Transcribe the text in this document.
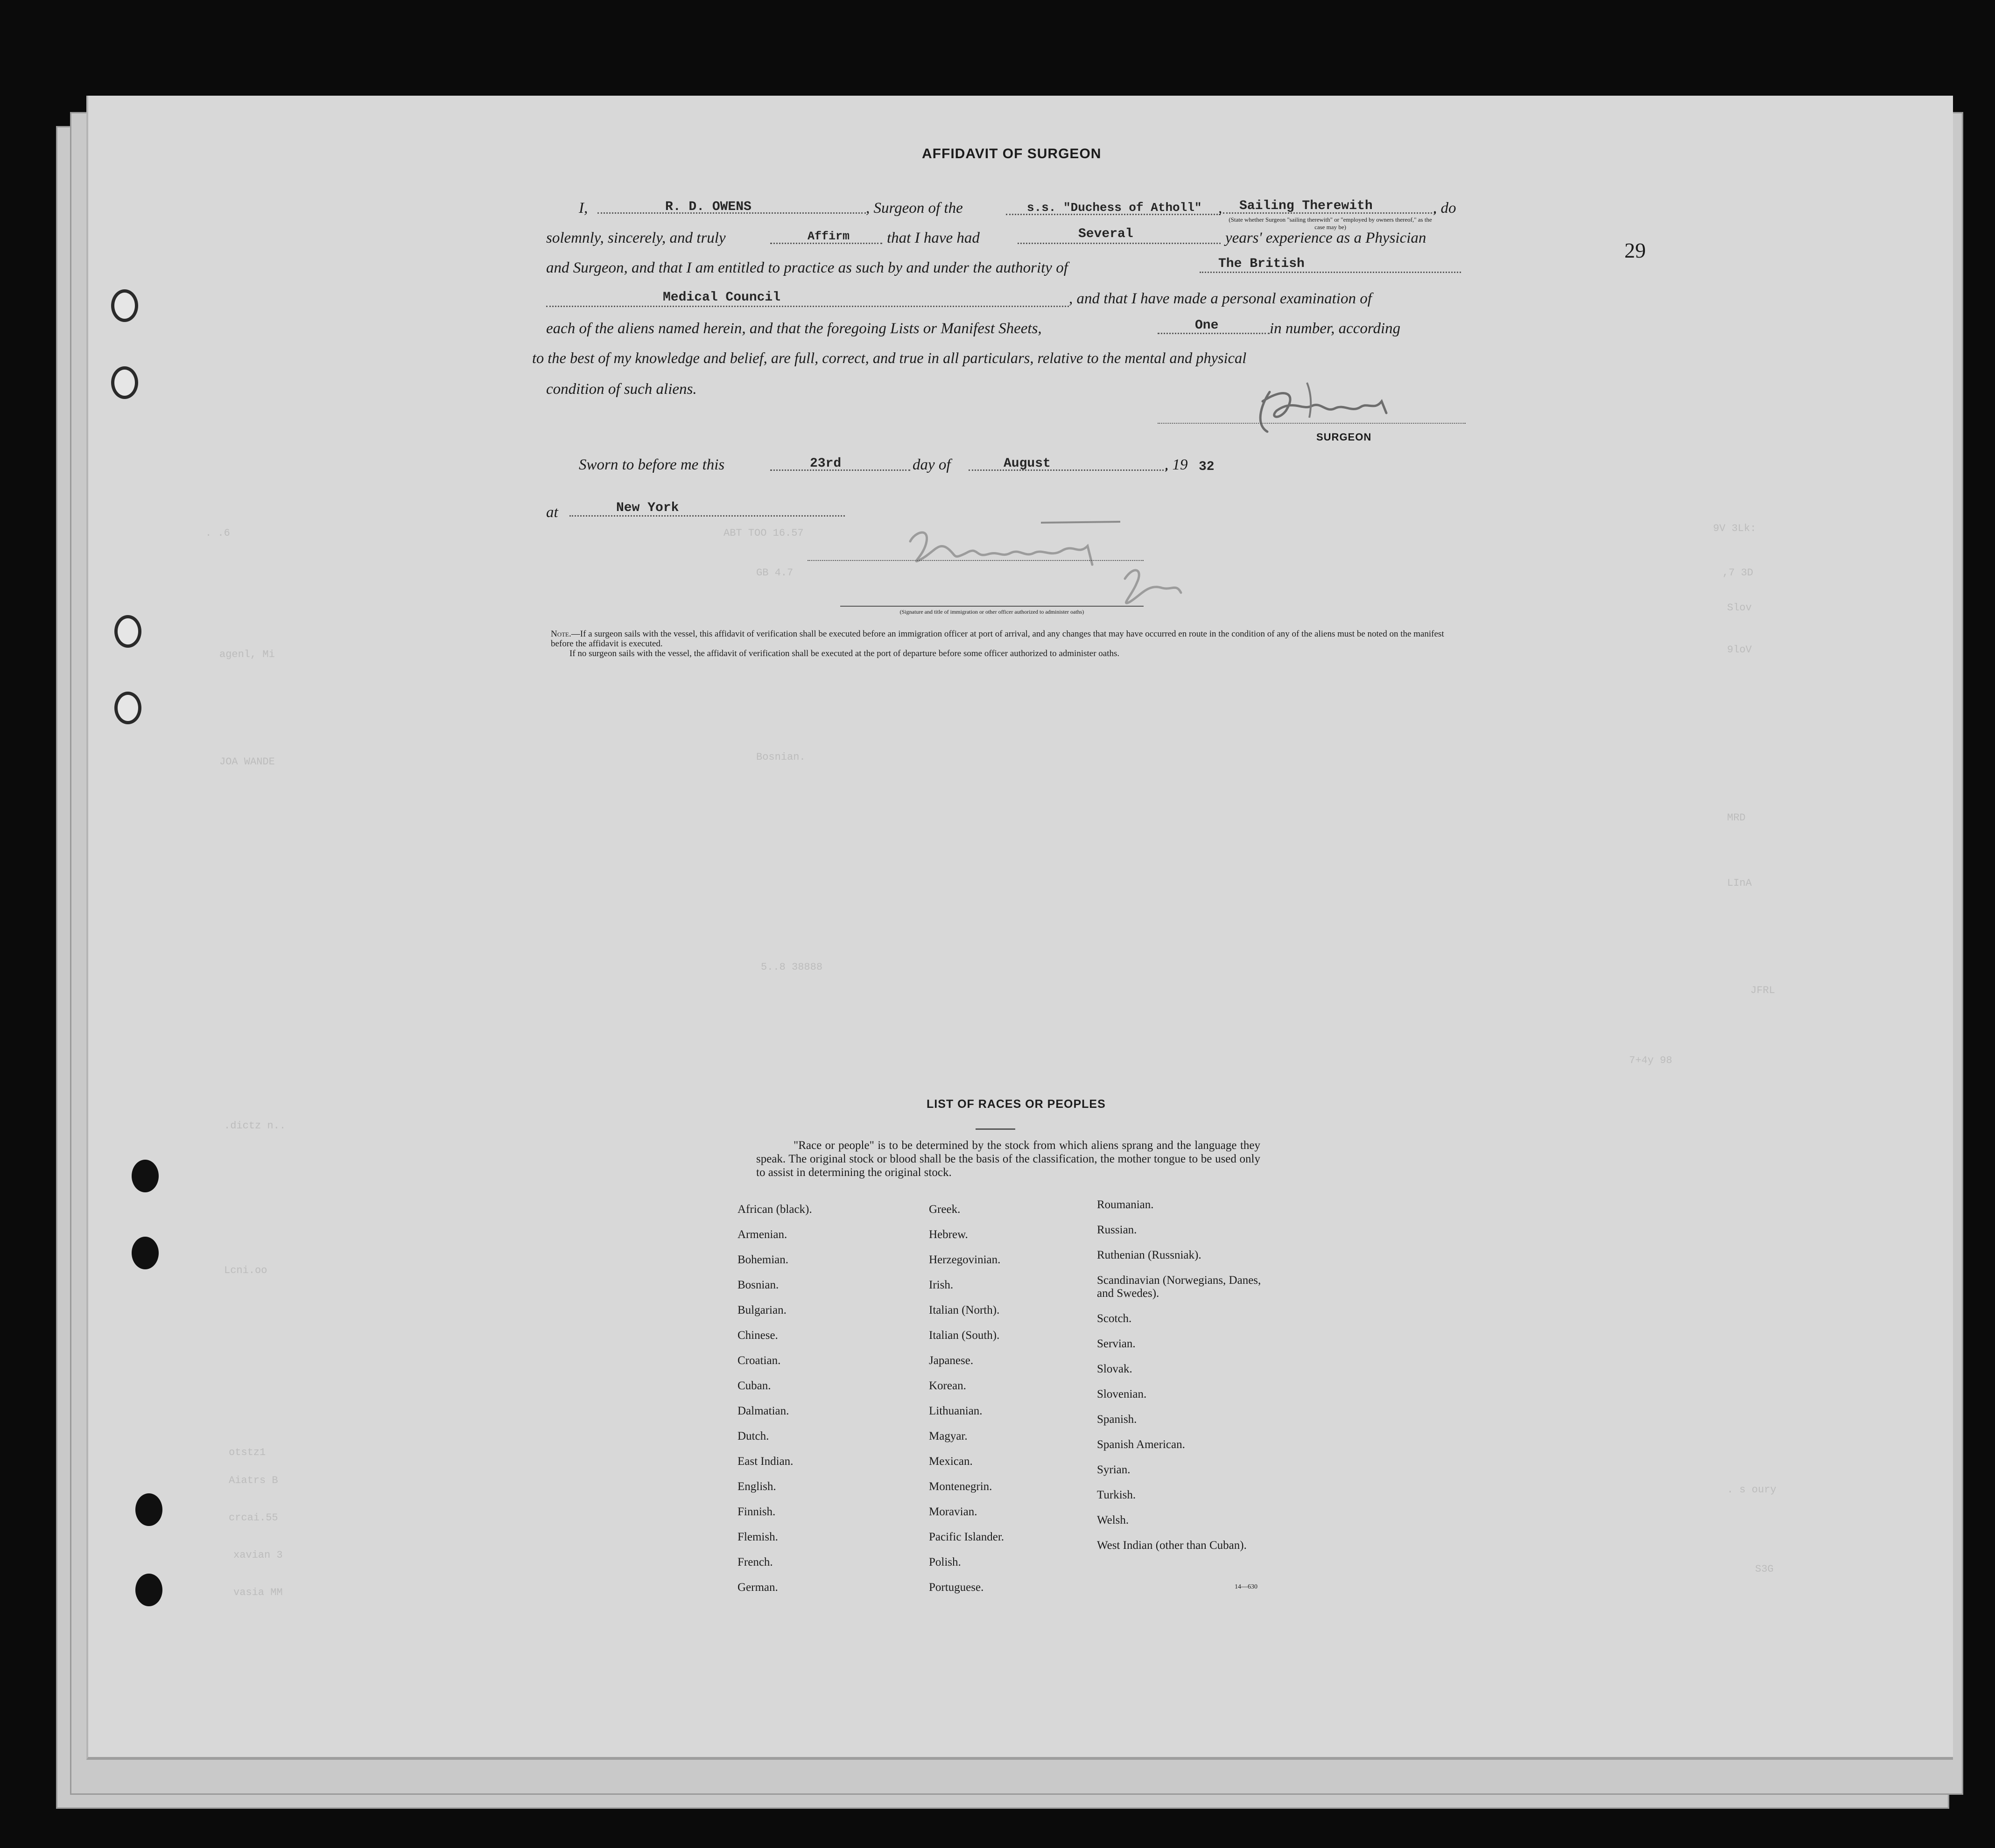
ABT TOO 16.57
GB 4.7
. .6	9V 3Lk:
,7 3D
Slov
9loV
agenl, Mi
JOA WANDE	Bosnian.
MRD
LInA
5..8 38888
JFRL
7+4y 98
.dictz n..
Lcni.oo
otstz1
Aiatrs B
crcai.55
xavian 3
vasia MM
. s oury
S3G
29
AFFIDAVIT OF SURGEON
I,	R. D. OWENS	, Surgeon of the	s.s. "Duchess of Atholl" , Sailing Therewith
(State whether Surgeon "sailing therewith" or "employed by owners thereof," as the case may be)
, do
solemnly, sincerely, and truly	Affirm that I have had	Several	years' experience as a Physician
and Surgeon, and that I am entitled to practice as such by and under the authority of	The British
Medical Council	, and that I have made a personal examination of
each of the aliens named herein, and that the foregoing Lists or Manifest Sheets,	One	in number, according
to the best of my knowledge and belief, are full, correct, and true in all particulars, relative to the mental and physical
condition of such aliens.
SURGEON
Sworn to before me this	23rd	day of	August	, 19 32
at	New York
(Signature and title of immigration or other officer authorized to administer oaths)
Note.—If a surgeon sails with the vessel, this affidavit of verification shall be executed before an immigration officer at port of arrival, and any changes that may have occurred en route in the condition of any of the aliens must be noted on the manifest before the affidavit is executed.
If no surgeon sails with the vessel, the affidavit of verification shall be executed at the port of departure before some officer authorized to administer oaths.
LIST OF RACES OR PEOPLES
"Race or people" is to be determined by the stock from which aliens sprang and the language they speak. The original stock or blood shall be the basis of the classification, the mother tongue to be used only to assist in determining the original stock.
African (black).
Armenian.
Bohemian.
Bosnian.
Bulgarian.
Chinese.
Croatian.
Cuban.
Dalmatian.
Dutch.
East Indian.
English.
Finnish.
Flemish.
French.
German.
Greek.
Hebrew.
Herzegovinian.
Irish.
Italian (North).
Italian (South).
Japanese.
Korean.
Lithuanian.
Magyar.
Mexican.
Montenegrin.
Moravian.
Pacific Islander.
Polish.
Portuguese.
Roumanian.
Russian.
Ruthenian (Russniak).
Scandinavian (Norwegians, Danes, and Swedes).
Scotch.
Servian.
Slovak.
Slovenian.
Spanish.
Spanish American.
Syrian.
Turkish.
Welsh.
West Indian (other than Cuban).
14—630
